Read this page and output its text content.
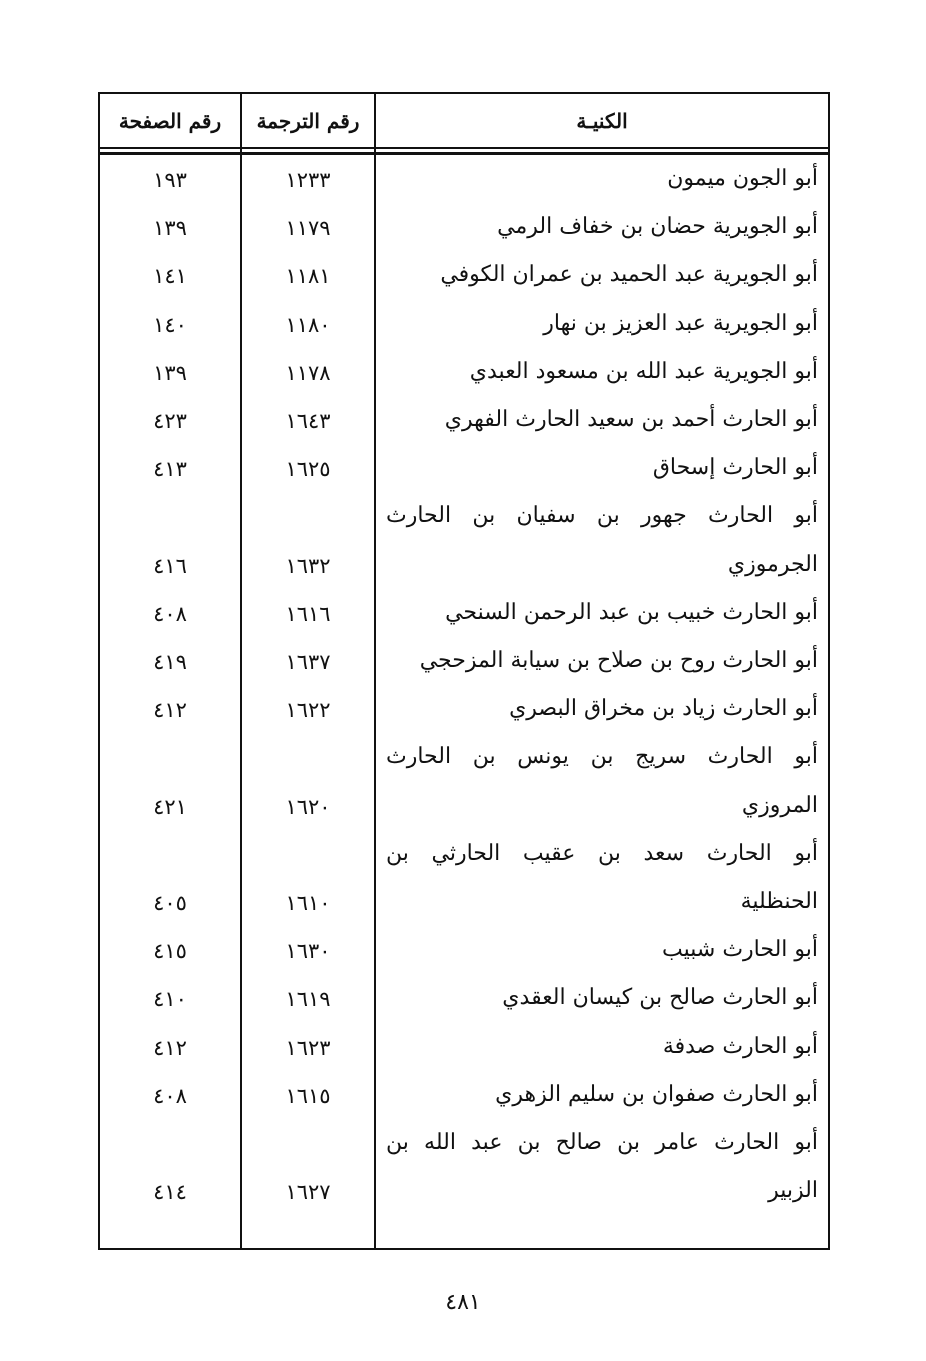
الكنيـة
رقم الترجمة
رقم الصفحة
أبو الجون ميمون
١٢٣٣
١٩٣
أبو الجويرية حضان بن خفاف الرمي
١١٧٩
١٣٩
أبو الجويرية عبد الحميد بن عمران الكوفي
١١٨١
١٤١
أبو الجويرية عبد العزيز بن نهار
١١٨٠
١٤٠
أبو الجويرية عبد الله بن مسعود العبدي
١١٧٨
١٣٩
أبو الحارث أحمد بن سعيد الحارث الفهري
١٦٤٣
٤٢٣
أبو الحارث إسحاق
١٦٢٥
٤١٣
أبو الحارث جهور بن سفيان بن الحارث
الجرموزي
١٦٣٢
٤١٦
أبو الحارث خبيب بن عبد الرحمن السنحي
١٦١٦
٤٠٨
أبو الحارث روح بن صلاح بن سيابة المزحجي
١٦٣٧
٤١٩
أبو الحارث زياد بن مخراق البصري
١٦٢٢
٤١٢
أبو الحارث سريج بن يونس بن الحارث
المروزي
١٦٢٠
٤٢١
أبو الحارث سعد بن عقيب الحارثي بن
الحنظلية
١٦١٠
٤٠٥
أبو الحارث شبيب
١٦٣٠
٤١٥
أبو الحارث صالح بن كيسان العقدي
١٦١٩
٤١٠
أبو الحارث صدفة
١٦٢٣
٤١٢
أبو الحارث صفوان بن سليم الزهري
١٦١٥
٤٠٨
أبو الحارث عامر بن صالح بن عبد الله بن
الزبير
١٦٢٧
٤١٤
٤٨١
